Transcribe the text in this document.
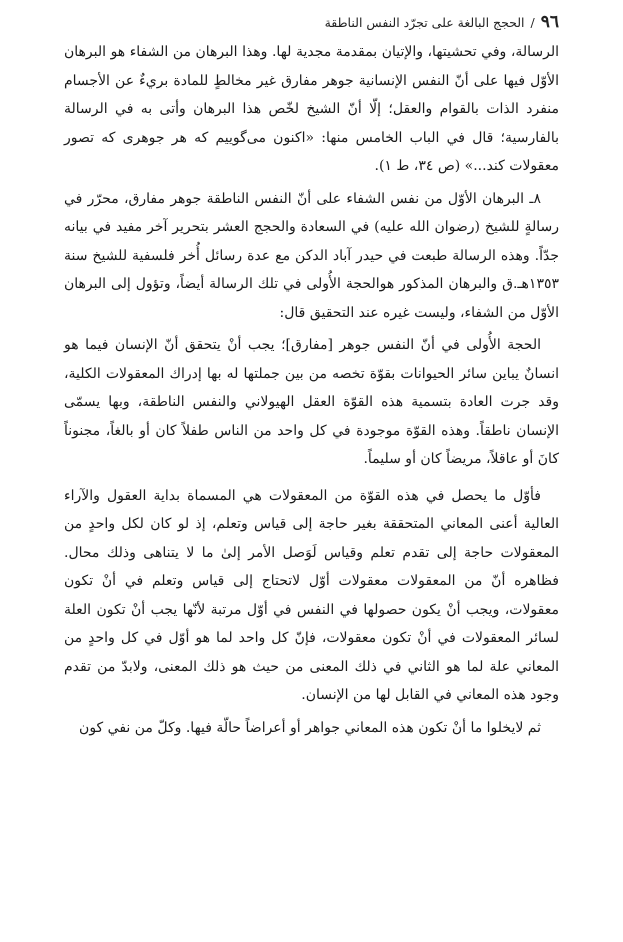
٩٦
/
الحجج البالغة على تجرّد النفس الناطقة

الرسالة، وفي تحشيتها، والإتيان بمقدمة مجدية لها. وهذا البرهان من الشفاء هو البرهان الأوّل فيها على أنّ النفس الإنسانية جوهر مفارق غير مخالطٍ للمادة بريءٌ عن الأجسام منفرد الذات بالقوام والعقل؛ إلّا أنّ الشيخ لخّص هذا البرهان وأتى به في الرسالة بالفارسية؛ قال في الباب الخامس منها: «اكنون مى‌گوييم كه هر جوهرى كه تصور معقولات كند...» (ص ٣٤، ط ١).

٨ـ البرهان الأوّل من نفس الشفاء على أنّ النفس الناطقة جوهر مفارق، محرّر في رسالةٍ للشيخ (رضوان الله عليه) في السعادة والحجج العشر بتحرير آخر مفيد في بيانه جدّاً. وهذه الرسالة طبعت في حيدر آباد الدكن مع عدة رسائل أُخر فلسفية للشيخ سنة ١٣٥٣هـ.ق والبرهان المذكور هوالحجة الأُولى في تلك الرسالة أيضاً، وتؤول إلى البرهان الأوّل من الشفاء، وليست غيره عند التحقيق قال:

الحجة الأُولى في أنّ النفس جوهر [مفارق]؛ يجب أنْ يتحقق أنّ الإنسان فيما هو انسانٌ يباين سائر الحيوانات بقوّة تخصه من بين جملتها له بها إدراك المعقولات الكلية، وقد جرت العادة بتسمية هذه القوّة العقل الهيولاني والنفس الناطقة، وبها يسمّى الإنسان ناطقاً. وهذه القوّة موجودة في كل واحد من الناس طفلاً كان أو بالغاً، مجنوناً كانَ أو عاقلاً، مريضاً كان أو سليماً.

فأوّل ما يحصل في هذه القوّة من المعقولات هي المسماة بداية العقول والآراء العالية أعنى المعاني المتحققة بغير حاجة إلى قياس وتعلم، إذ لو كان لكل واحدٍ من المعقولات حاجة إلى تقدم تعلم وقياس لَوَصل الأمر إلىٰ ما لا يتناهى وذلك محال. فظاهره أنّ من المعقولات معقولات أوّل لاتحتاج إلى قياس وتعلم في أنْ تكون معقولات، ويجب أنْ يكون حصولها في النفس في أوّل مرتبة لأنّها يجب أنْ تكون العلة لسائر المعقولات في أنْ تكون معقولات، فإنّ كل واحد لما هو أوّل في كل واحدٍ من المعاني علة لما هو الثاني في ذلك المعنى من حيث هو ذلك المعنى، ولابدّ من تقدم وجود هذه المعاني في القابل لها من الإنسان.

ثم لايخلوا ما أنْ تكون هذه المعاني جواهر أو أعراضاً حالّة فيها. وكلّ من نفي كون
